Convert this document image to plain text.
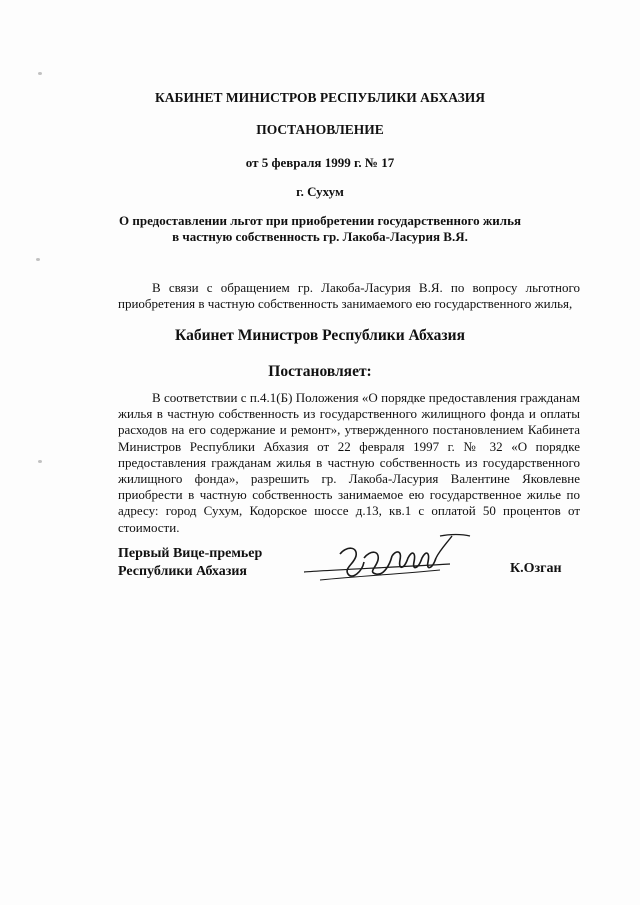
КАБИНЕТ МИНИСТРОВ РЕСПУБЛИКИ АБХАЗИЯ
ПОСТАНОВЛЕНИЕ
от 5 февраля 1999 г. № 17
г. Сухум
О предоставлении льгот при приобретении государственного жилья
в частную собственность гр. Лакоба-Ласурия В.Я.
В связи с обращением гр. Лакоба-Ласурия В.Я. по вопросу льготного приобретения в частную собственность занимаемого ею государственного жилья,
Кабинет Министров Республики Абхазия
Постановляет:
В соответствии с п.4.1(Б) Положения «О порядке предоставления гражданам жилья в частную собственность из государственного жилищного фонда и оплаты расходов на его содержание и ремонт», утвержденного постановлением Кабинета Министров Республики Абхазия от 22 февраля 1997 г. № 32 «О порядке предоставления гражданам жилья в частную собственность из государственного жилищного фонда», разрешить гр. Лакоба-Ласурия Валентине Яковлевне приобрести в частную собственность занимаемое ею государственное жилье по адресу: город Сухум, Кодорское шоссе д.13, кв.1 с оплатой 50 процентов от стоимости.
Первый Вице-премьер
Республики Абхазия	К.Озган
